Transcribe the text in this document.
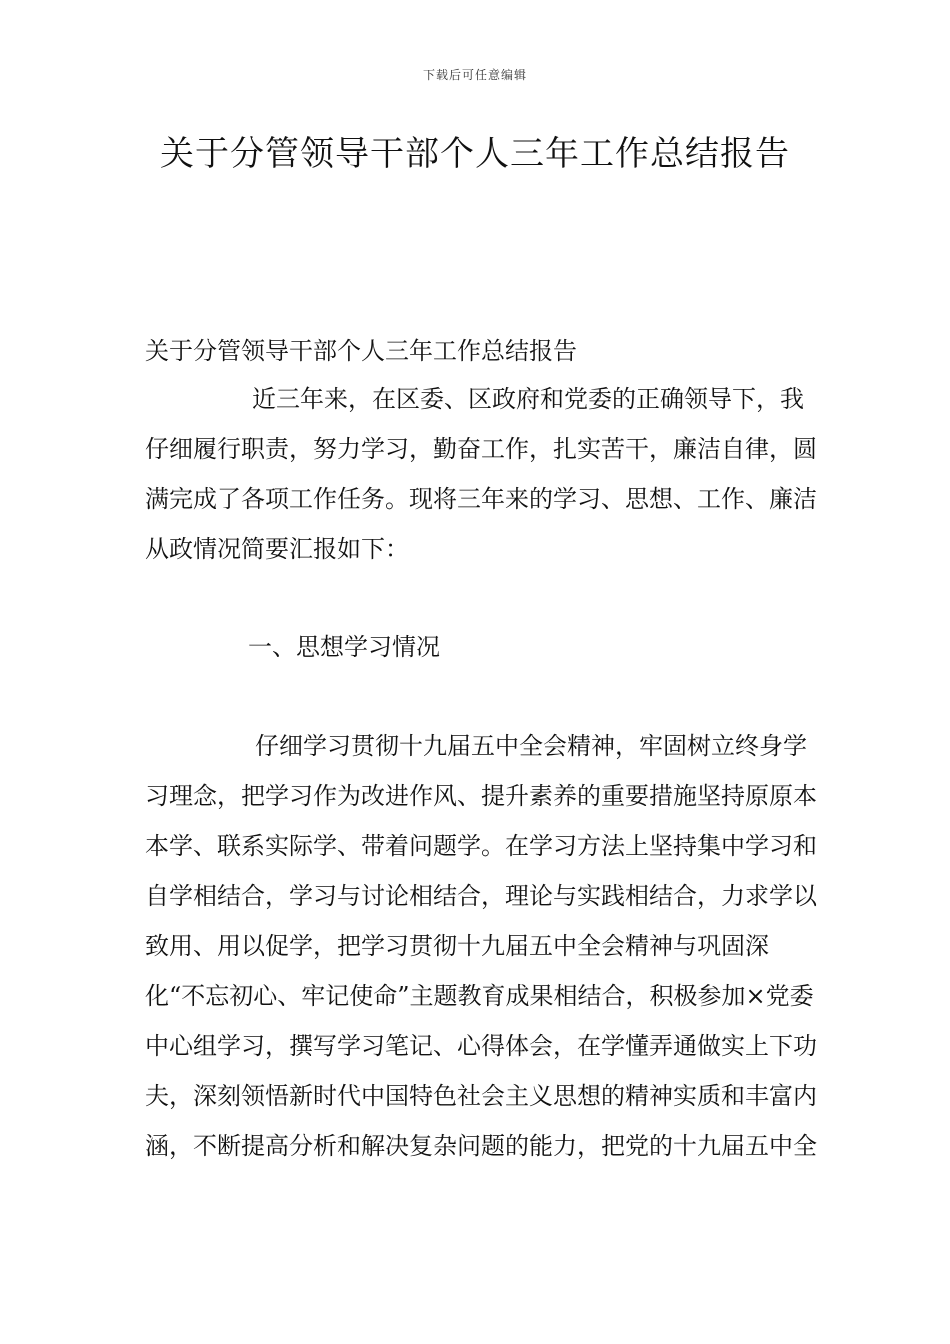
下载后可任意编辑
关于分管领导干部个人三年工作总结报告

关于分管领导干部个人三年工作总结报告

近三年来，在区委、区政府和党委的正确领导下，我仔细履行职责，努力学习，勤奋工作，扎实苦干，廉洁自律，圆满完成了各项工作任务。现将三年来的学习、思想、工作、廉洁从政情况简要汇报如下：

一、思想学习情况

仔细学习贯彻十九届五中全会精神，牢固树立终身学习理念，把学习作为改进作风、提升素养的重要措施坚持原原本本学、联系实际学、带着问题学。在学习方法上坚持集中学习和自学相结合，学习与讨论相结合，理论与实践相结合，力求学以致用、用以促学，把学习贯彻十九届五中全会精神与巩固深化“不忘初心、牢记使命”主题教育成果相结合，积极参加×党委中心组学习，撰写学习笔记、心得体会，在学懂弄通做实上下功夫，深刻领悟新时代中国特色社会主义思想的精神实质和丰富内涵，不断提高分析和解决复杂问题的能力，把党的十九届五中全
